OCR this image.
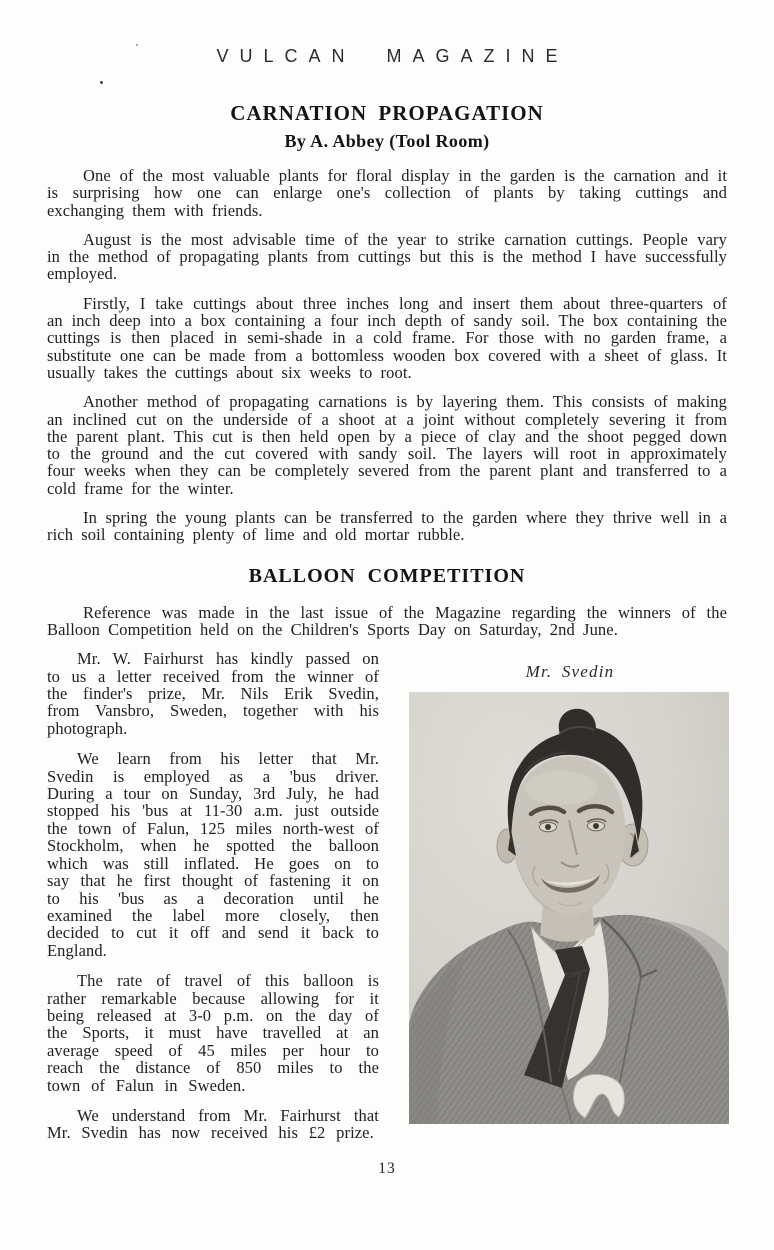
VULCAN MAGAZINE
CARNATION PROPAGATION
By A. Abbey (Tool Room)

One of the most valuable plants for floral display in the garden is the carnation and it is surprising how one can enlarge one's collection of plants by taking cuttings and exchanging them with friends.

August is the most advisable time of the year to strike carnation cuttings. People vary in the method of propagating plants from cuttings but this is the method I have successfully employed.

Firstly, I take cuttings about three inches long and insert them about three-quarters of an inch deep into a box containing a four inch depth of sandy soil. The box containing the cuttings is then placed in semi-shade in a cold frame. For those with no garden frame, a substitute one can be made from a bottomless wooden box covered with a sheet of glass. It usually takes the cuttings about six weeks to root.

Another method of propagating carnations is by layering them. This consists of making an inclined cut on the underside of a shoot at a joint without completely severing it from the parent plant. This cut is then held open by a piece of clay and the shoot pegged down to the ground and the cut covered with sandy soil. The layers will root in approximately four weeks when they can be completely severed from the parent plant and transferred to a cold frame for the winter.

In spring the young plants can be transferred to the garden where they thrive well in a rich soil containing plenty of lime and old mortar rubble.

BALLOON COMPETITION

Reference was made in the last issue of the Magazine regarding the winners of the Balloon Competition held on the Children's Sports Day on Saturday, 2nd June.

Mr. W. Fairhurst has kindly passed on to us a letter received from the winner of the finder's prize, Mr. Nils Erik Svedin, from Vansbro, Sweden, together with his photograph.

We learn from his letter that Mr. Svedin is employed as a 'bus driver. During a tour on Sunday, 3rd July, he had stopped his 'bus at 11-30 a.m. just outside the town of Falun, 125 miles north-west of Stockholm, when he spotted the balloon which was still inflated. He goes on to say that he first thought of fastening it on to his 'bus as a decoration until he examined the label more closely, then decided to cut it off and send it back to England.

The rate of travel of this balloon is rather remarkable because allowing for it being released at 3-0 p.m. on the day of the Sports, it must have travelled at an average speed of 45 miles per hour to reach the distance of 850 miles to the town of Falun in Sweden.

We understand from Mr. Fairhurst that Mr. Svedin has now received his £2 prize.

Mr. Svedin
13
